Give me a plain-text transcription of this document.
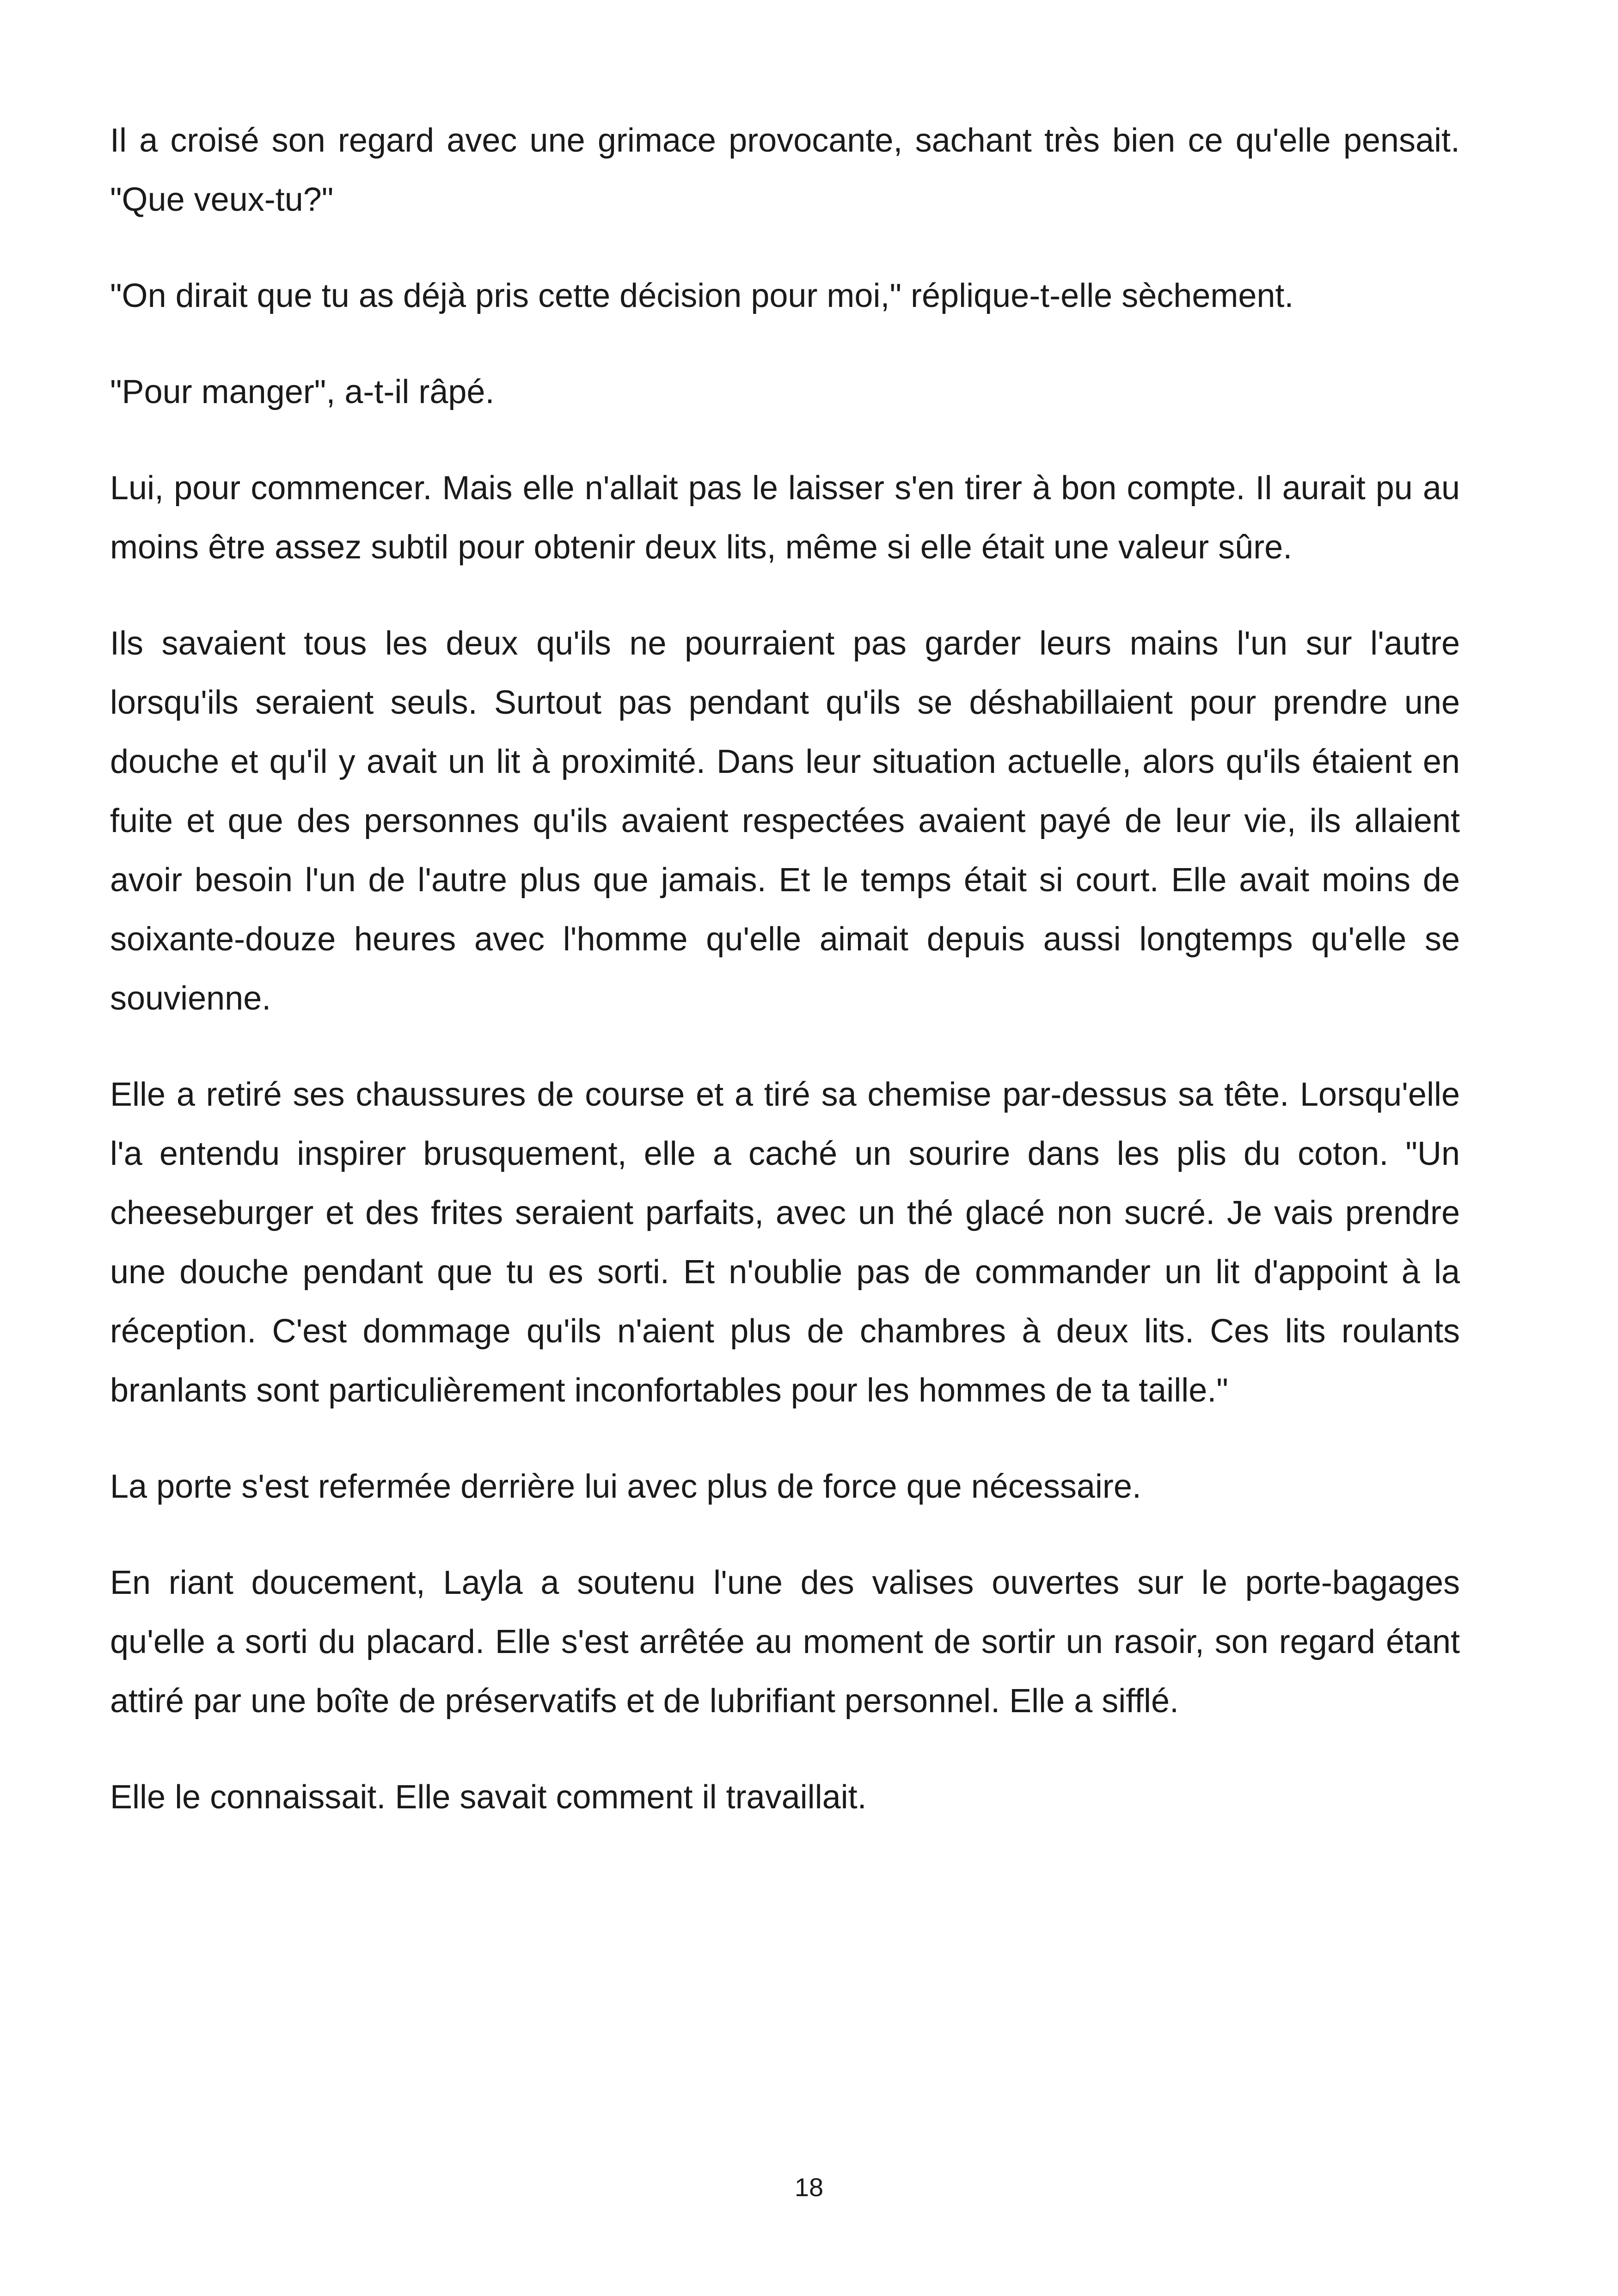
Il a croisé son regard avec une grimace provocante, sachant très bien ce qu'elle pensait. "Que veux-tu?"

"On dirait que tu as déjà pris cette décision pour moi," réplique-t-elle sèchement.

"Pour manger", a-t-il râpé.

Lui, pour commencer. Mais elle n'allait pas le laisser s'en tirer à bon compte. Il aurait pu au moins être assez subtil pour obtenir deux lits, même si elle était une valeur sûre.

Ils savaient tous les deux qu'ils ne pourraient pas garder leurs mains l'un sur l'autre lorsqu'ils seraient seuls. Surtout pas pendant qu'ils se déshabillaient pour prendre une douche et qu'il y avait un lit à proximité. Dans leur situation actuelle, alors qu'ils étaient en fuite et que des personnes qu'ils avaient respectées avaient payé de leur vie, ils allaient avoir besoin l'un de l'autre plus que jamais. Et le temps était si court. Elle avait moins de soixante-douze heures avec l'homme qu'elle aimait depuis aussi longtemps qu'elle se souvienne.

Elle a retiré ses chaussures de course et a tiré sa chemise par-dessus sa tête. Lorsqu'elle l'a entendu inspirer brusquement, elle a caché un sourire dans les plis du coton. "Un cheeseburger et des frites seraient parfaits, avec un thé glacé non sucré. Je vais prendre une douche pendant que tu es sorti. Et n'oublie pas de commander un lit d'appoint à la réception. C'est dommage qu'ils n'aient plus de chambres à deux lits. Ces lits roulants branlants sont particulièrement inconfortables pour les hommes de ta taille."

La porte s'est refermée derrière lui avec plus de force que nécessaire.

En riant doucement, Layla a soutenu l'une des valises ouvertes sur le porte-bagages qu'elle a sorti du placard. Elle s'est arrêtée au moment de sortir un rasoir, son regard étant attiré par une boîte de préservatifs et de lubrifiant personnel. Elle a sifflé.

Elle le connaissait. Elle savait comment il travaillait.

18
